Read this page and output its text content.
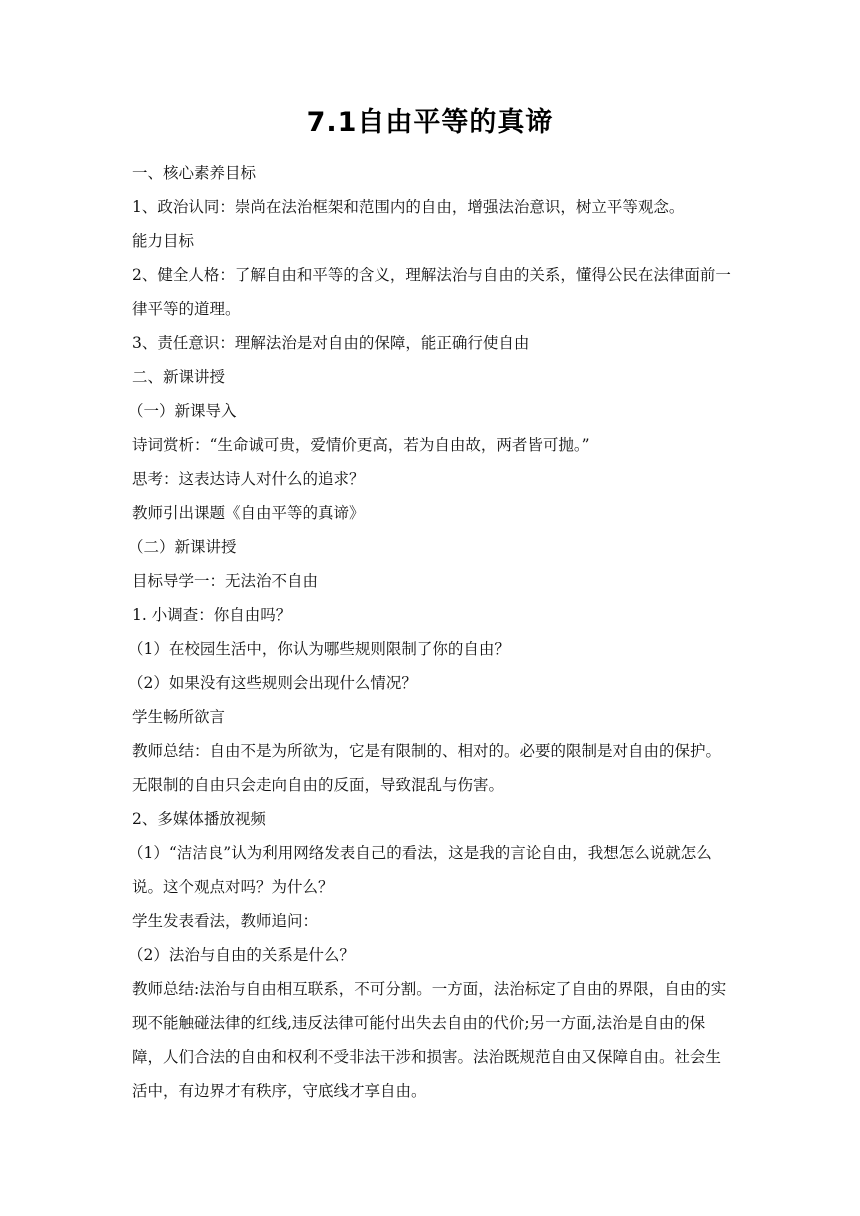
7.1自由平等的真谛

一、核心素养目标

1、政治认同：崇尚在法治框架和范围内的自由，增强法治意识，树立平等观念。

能力目标

2、健全人格：了解自由和平等的含义，理解法治与自由的关系，懂得公民在法律面前一律平等的道理。

3、责任意识：理解法治是对自由的保障，能正确行使自由

二、新课讲授

（一）新课导入

诗词赏析：“生命诚可贵，爱情价更高，若为自由故，两者皆可抛。”

思考：这表达诗人对什么的追求？

教师引出课题《自由平等的真谛》

（二）新课讲授

目标导学一：无法治不自由

1. 小调查：你自由吗？

（1）在校园生活中，你认为哪些规则限制了你的自由？

（2）如果没有这些规则会出现什么情况？

学生畅所欲言

教师总结：自由不是为所欲为，它是有限制的、相对的。必要的限制是对自由的保护。无限制的自由只会走向自由的反面，导致混乱与伤害。

2、多媒体播放视频

（1）“洁洁良”认为利用网络发表自己的看法，这是我的言论自由，我想怎么说就怎么说。这个观点对吗？为什么？

学生发表看法，教师追问：

（2）法治与自由的关系是什么？

教师总结:法治与自由相互联系，不可分割。一方面，法治标定了自由的界限，自由的实现不能触碰法律的红线,违反法律可能付出失去自由的代价;另一方面,法治是自由的保障，人们合法的自由和权利不受非法干涉和损害。法治既规范自由又保障自由。社会生活中，有边界才有秩序，守底线才享自由。
